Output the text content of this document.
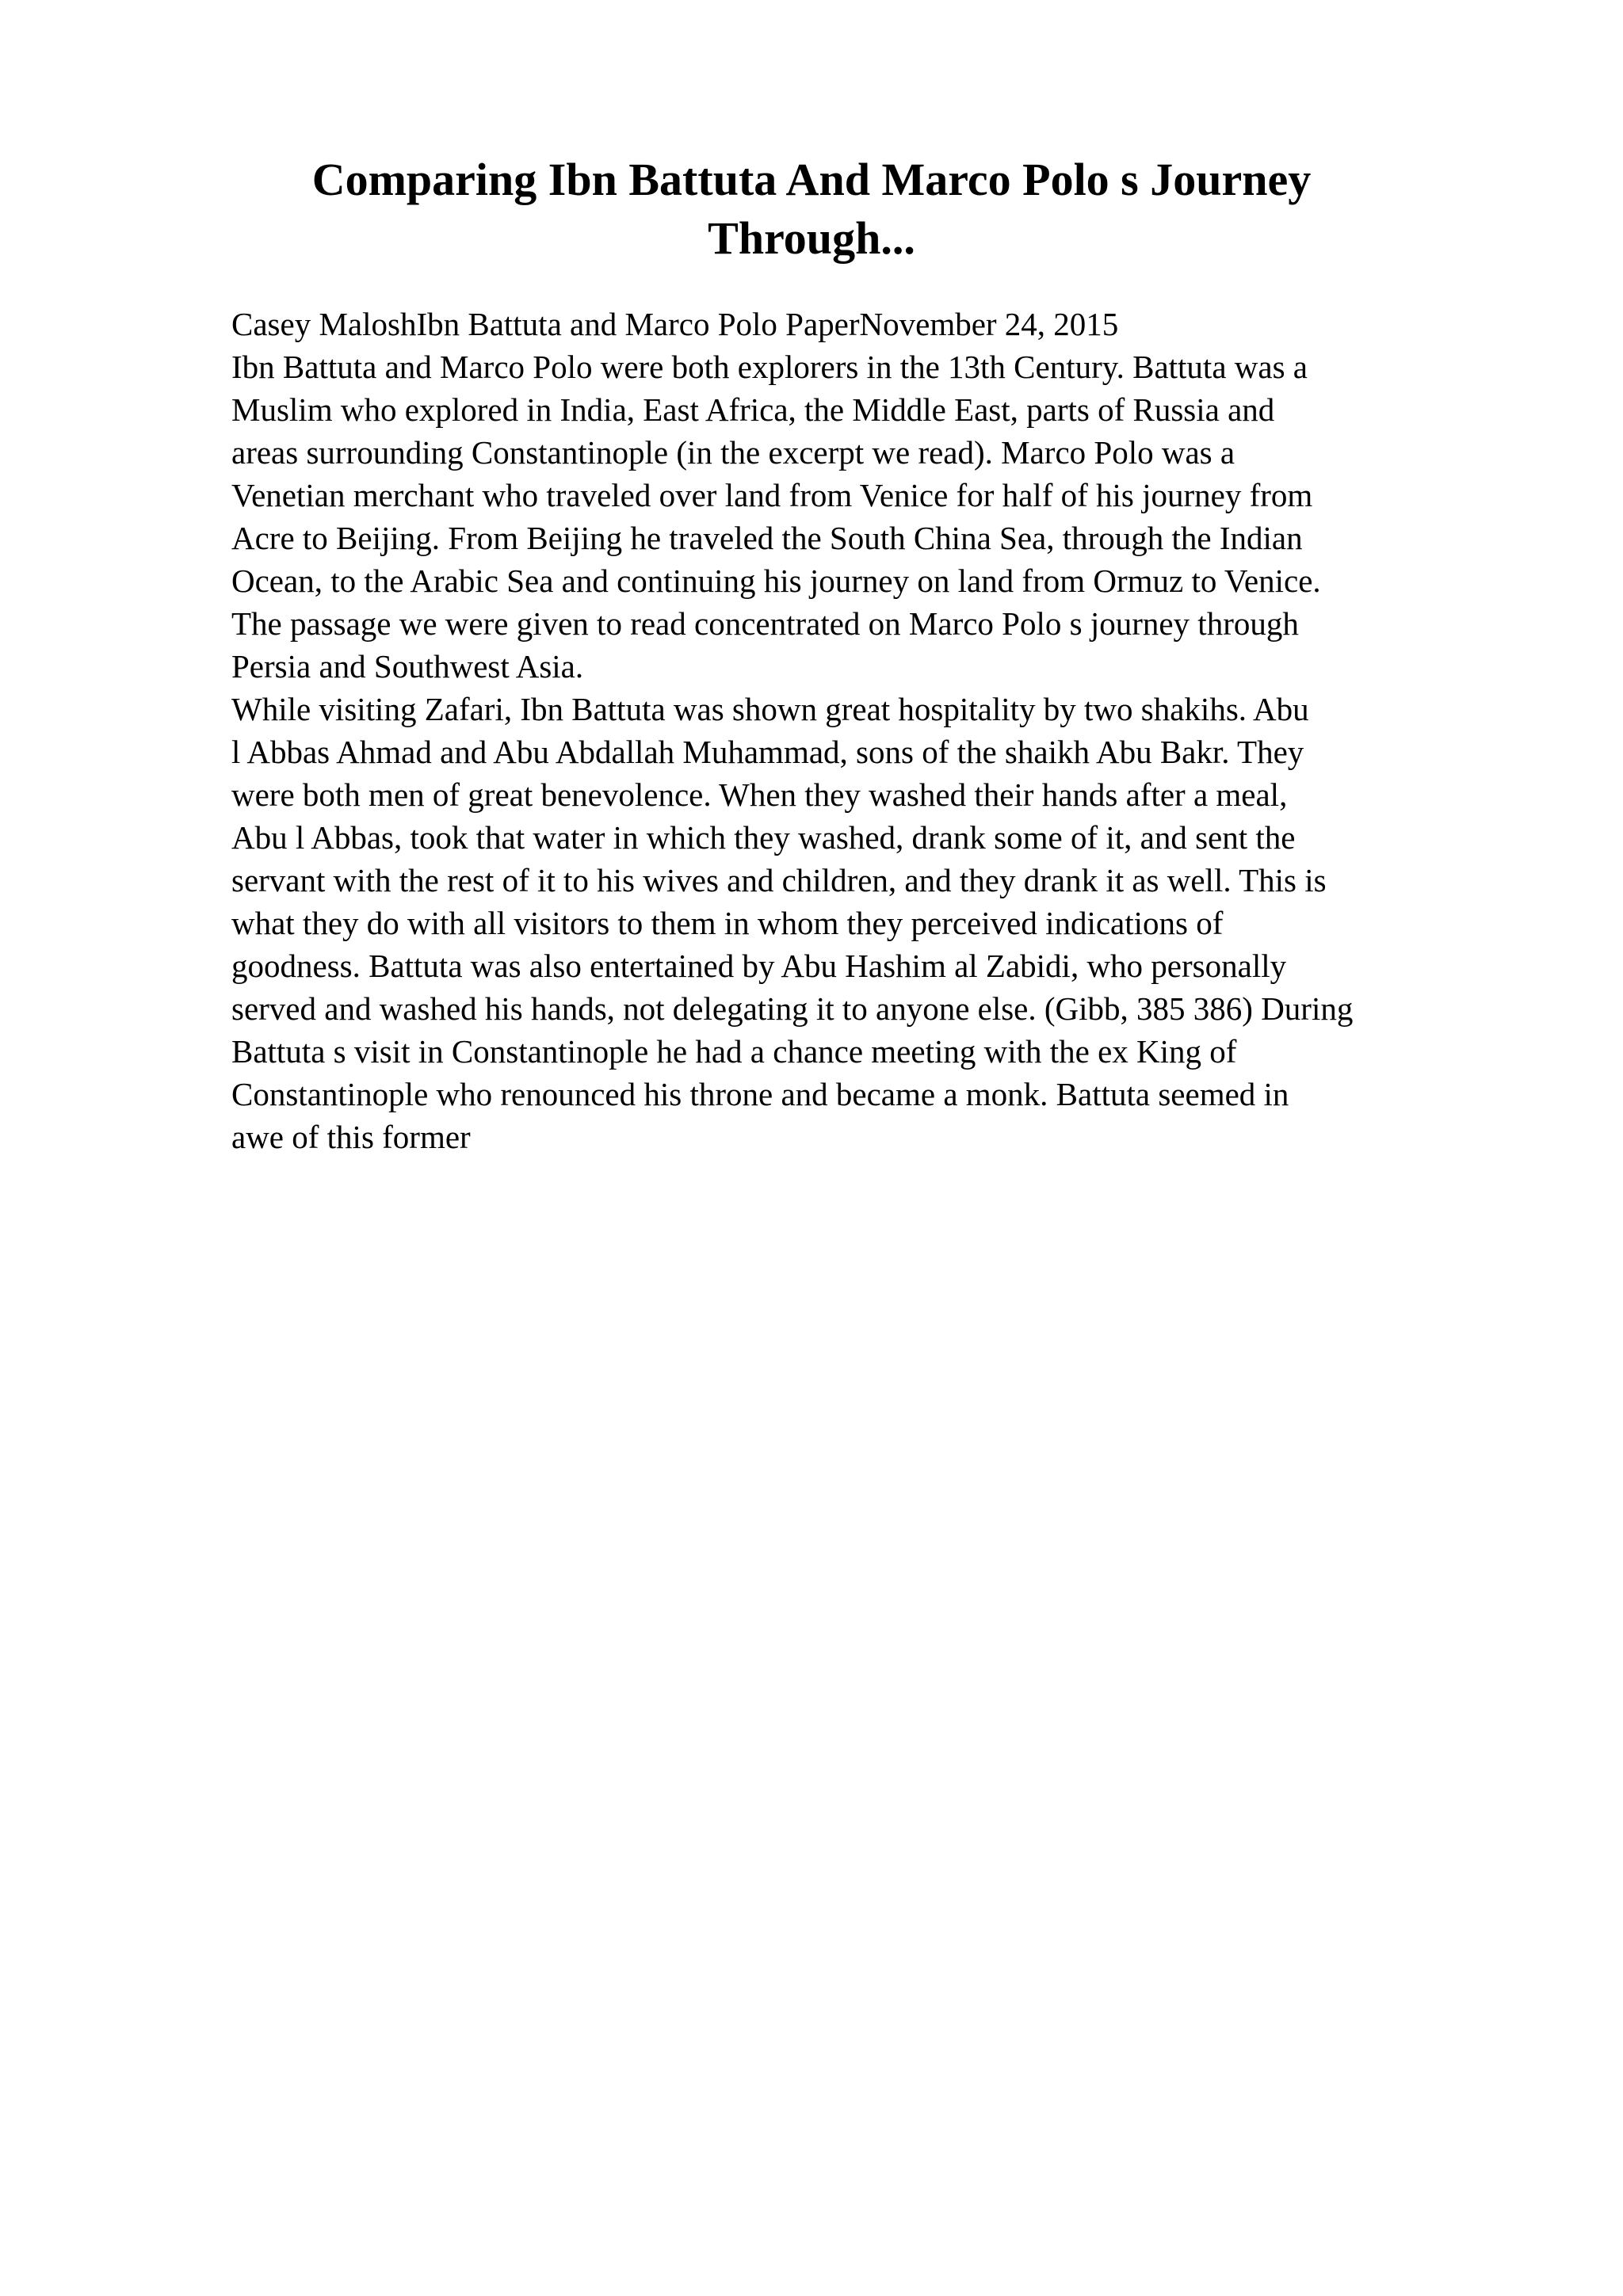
Comparing Ibn Battuta And Marco Polo s Journey
Through...
Casey MaloshIbn Battuta and Marco Polo PaperNovember 24, 2015
Ibn Battuta and Marco Polo were both explorers in the 13th Century. Battuta was a
Muslim who explored in India, East Africa, the Middle East, parts of Russia and
areas surrounding Constantinople (in the excerpt we read). Marco Polo was a
Venetian merchant who traveled over land from Venice for half of his journey from
Acre to Beijing. From Beijing he traveled the South China Sea, through the Indian
Ocean, to the Arabic Sea and continuing his journey on land from Ormuz to Venice.
The passage we were given to read concentrated on Marco Polo s journey through
Persia and Southwest Asia.
While visiting Zafari, Ibn Battuta was shown great hospitality by two shakihs. Abu
l Abbas Ahmad and Abu Abdallah Muhammad, sons of the shaikh Abu Bakr. They
were both men of great benevolence. When they washed their hands after a meal,
Abu l Abbas, took that water in which they washed, drank some of it, and sent the
servant with the rest of it to his wives and children, and they drank it as well. This is
what they do with all visitors to them in whom they perceived indications of
goodness. Battuta was also entertained by Abu Hashim al Zabidi, who personally
served and washed his hands, not delegating it to anyone else. (Gibb, 385 386) During
Battuta s visit in Constantinople he had a chance meeting with the ex King of
Constantinople who renounced his throne and became a monk. Battuta seemed in
awe of this former
